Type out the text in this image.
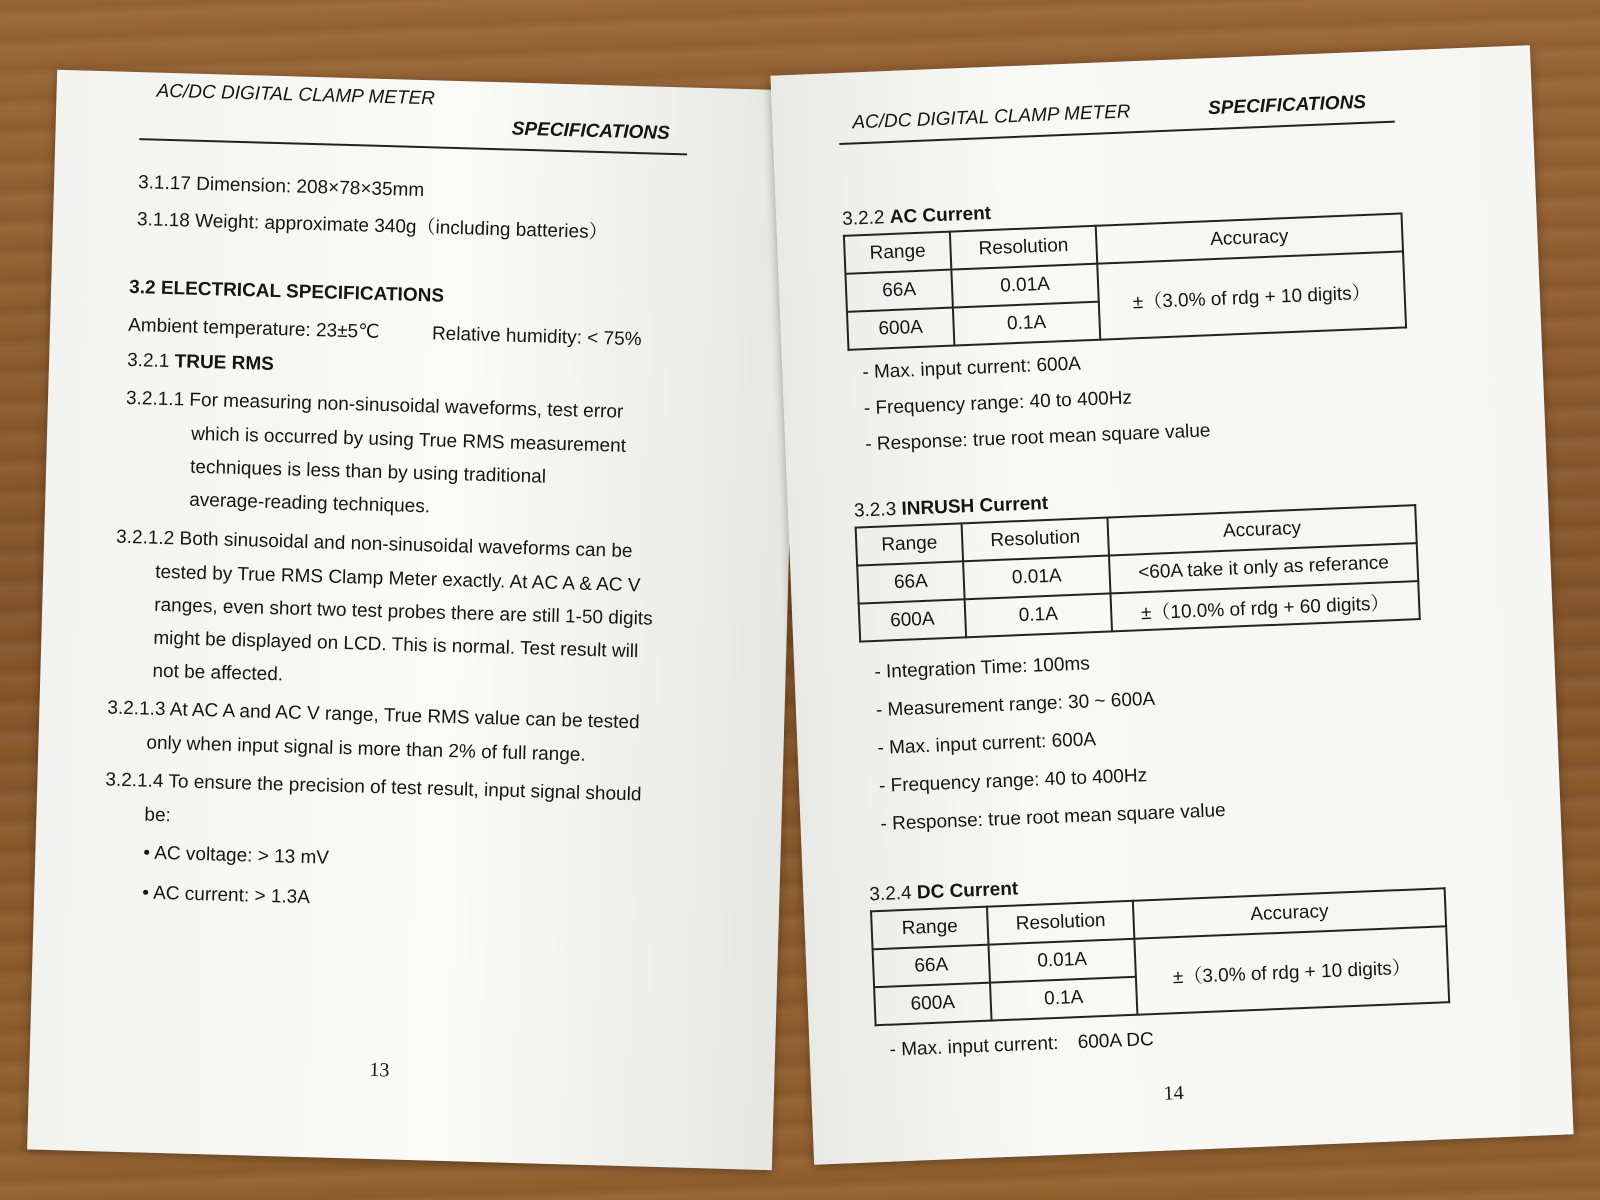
AC/DC DIGITAL CLAMP METER
SPECIFICATIONS
3.1.17 Dimension: 208×78×35mm
3.1.18 Weight: approximate 340g（including batteries）
3.2 ELECTRICAL SPECIFICATIONS
Ambient temperature: 23±5℃	Relative humidity: < 75%
3.2.1 TRUE RMS
3.2.1.1 For measuring non-sinusoidal waveforms, test error
which is occurred by using True RMS measurement
techniques is less than by using traditional
average-reading techniques.
3.2.1.2 Both sinusoidal and non-sinusoidal waveforms can be
tested by True RMS Clamp Meter exactly. At AC A & AC V
ranges, even short two test probes there are still 1-50 digits
might be displayed on LCD. This is normal. Test result will
not be affected.
3.2.1.3 At AC A and AC V range, True RMS value can be tested
only when input signal is more than 2% of full range.
3.2.1.4 To ensure the precision of test result, input signal should
be:
• AC voltage: > 13 mV
• AC current: > 1.3A
13

AC/DC DIGITAL CLAMP METER	SPECIFICATIONS
3.2.2 AC Current
Range	Resolution	Accuracy
66A	0.01A	±（3.0% of rdg + 10 digits）
600A	0.1A	
- Max. input current: 600A
- Frequency range: 40 to 400Hz
- Response: true root mean square value
3.2.3 INRUSH Current
Range	Resolution	Accuracy
66A	0.01A	<60A take it only as referance
600A	0.1A	±（10.0% of rdg + 60 digits）
- Integration Time: 100ms
- Measurement range: 30 ~ 600A
- Max. input current: 600A
- Frequency range: 40 to 400Hz
- Response: true root mean square value
3.2.4 DC Current
Range	Resolution	Accuracy
66A	0.01A	±（3.0% of rdg + 10 digits）
600A	0.1A	
- Max. input current: 600A DC
14
